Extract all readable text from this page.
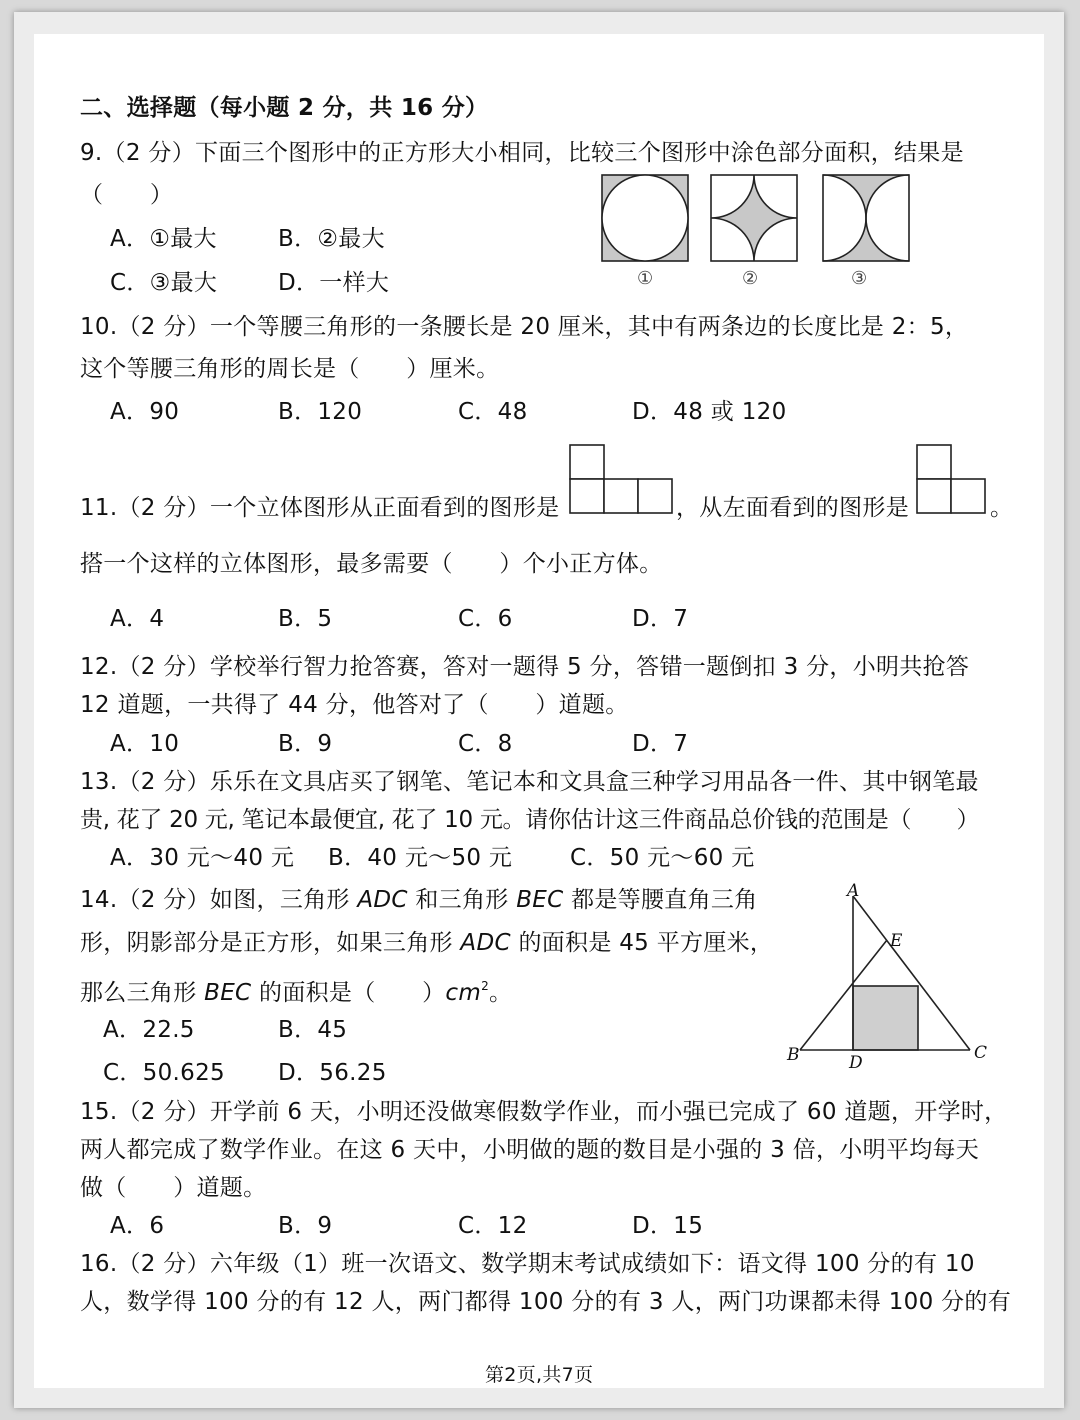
二、选择题（每小题 2 分，共 16 分）
9.（2 分）下面三个图形中的正方形大小相同，比较三个图形中涂色部分面积，结果是
（　　）
A．①最大	B．②最大
C．③最大	D．一样大	①	②	③
10.（2 分）一个等腰三角形的一条腰长是 20 厘米，其中有两条边的长度比是 2：5，
这个等腰三角形的周长是（　　）厘米。
A．90	B．120	C．48	D．48 或 120
11.（2 分）一个立体图形从正面看到的图形是	，从左面看到的图形是	。
搭一个这样的立体图形，最多需要（　　）个小正方体。
A．4	B．5	C．6	D．7
12.（2 分）学校举行智力抢答赛，答对一题得 5 分，答错一题倒扣 3 分，小明共抢答
12 道题，一共得了 44 分，他答对了（　　）道题。
A．10	B．9	C．8	D．7
13.（2 分）乐乐在文具店买了钢笔、笔记本和文具盒三种学习用品各一件、其中钢笔最
贵, 花了 20 元, 笔记本最便宜, 花了 10 元。请你估计这三件商品总价钱的范围是（　　）
A．30 元～40 元 B．40 元～50 元	C．50 元～60 元
14.（2 分）如图，三角形 ADC 和三角形 BEC 都是等腰直角三角
形，阴影部分是正方形，如果三角形 ADC 的面积是 45 平方厘米，
那么三角形 BEC 的面积是（　　）$cm^2$。
A．22.5	B．45
C．50.625 D．56.25
A
E
B	D	C
15.（2 分）开学前 6 天，小明还没做寒假数学作业，而小强已完成了 60 道题，开学时，
两人都完成了数学作业。在这 6 天中，小明做的题的数目是小强的 3 倍，小明平均每天
做（　　）道题。
A．6	B．9	C．12	D．15
16.（2 分）六年级（1）班一次语文、数学期末考试成绩如下：语文得 100 分的有 10
人，数学得 100 分的有 12 人，两门都得 100 分的有 3 人，两门功课都未得 100 分的有
第2页,共7页
